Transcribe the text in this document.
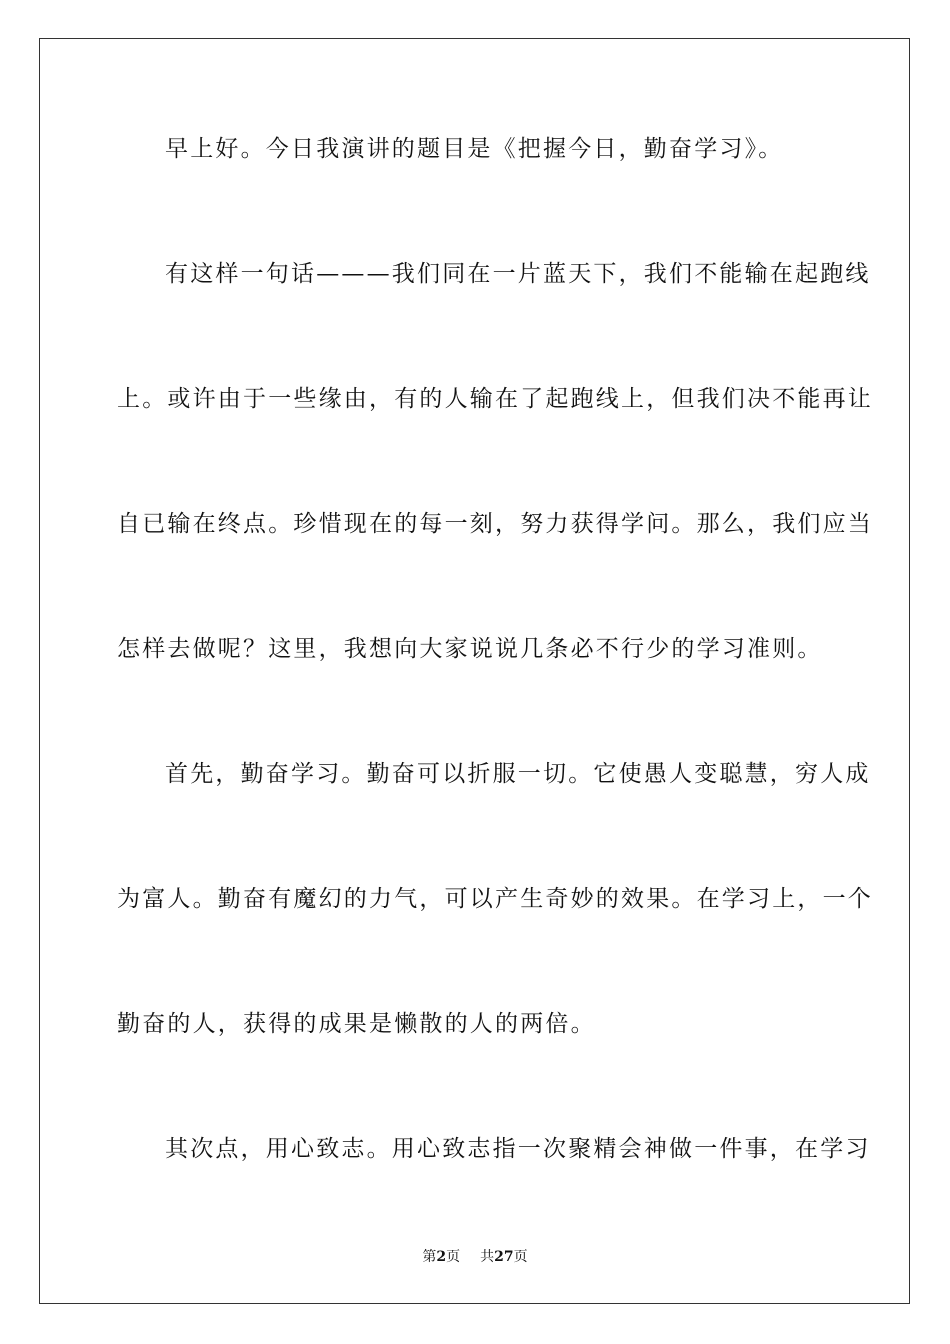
早上好。今日我演讲的题目是《把握今日，勤奋学习》。
有这样一句话———我们同在一片蓝天下，我们不能输在起跑线
上。或许由于一些缘由，有的人输在了起跑线上，但我们决不能再让
自已输在终点。珍惜现在的每一刻，努力获得学问。那么，我们应当
怎样去做呢？这里，我想向大家说说几条必不行少的学习准则。
首先，勤奋学习。勤奋可以折服一切。它使愚人变聪慧，穷人成
为富人。勤奋有魔幻的力气，可以产生奇妙的效果。在学习上，一个
勤奋的人，获得的成果是懒散的人的两倍。
其次点，用心致志。用心致志指一次聚精会神做一件事，在学习
第2页 共27页
